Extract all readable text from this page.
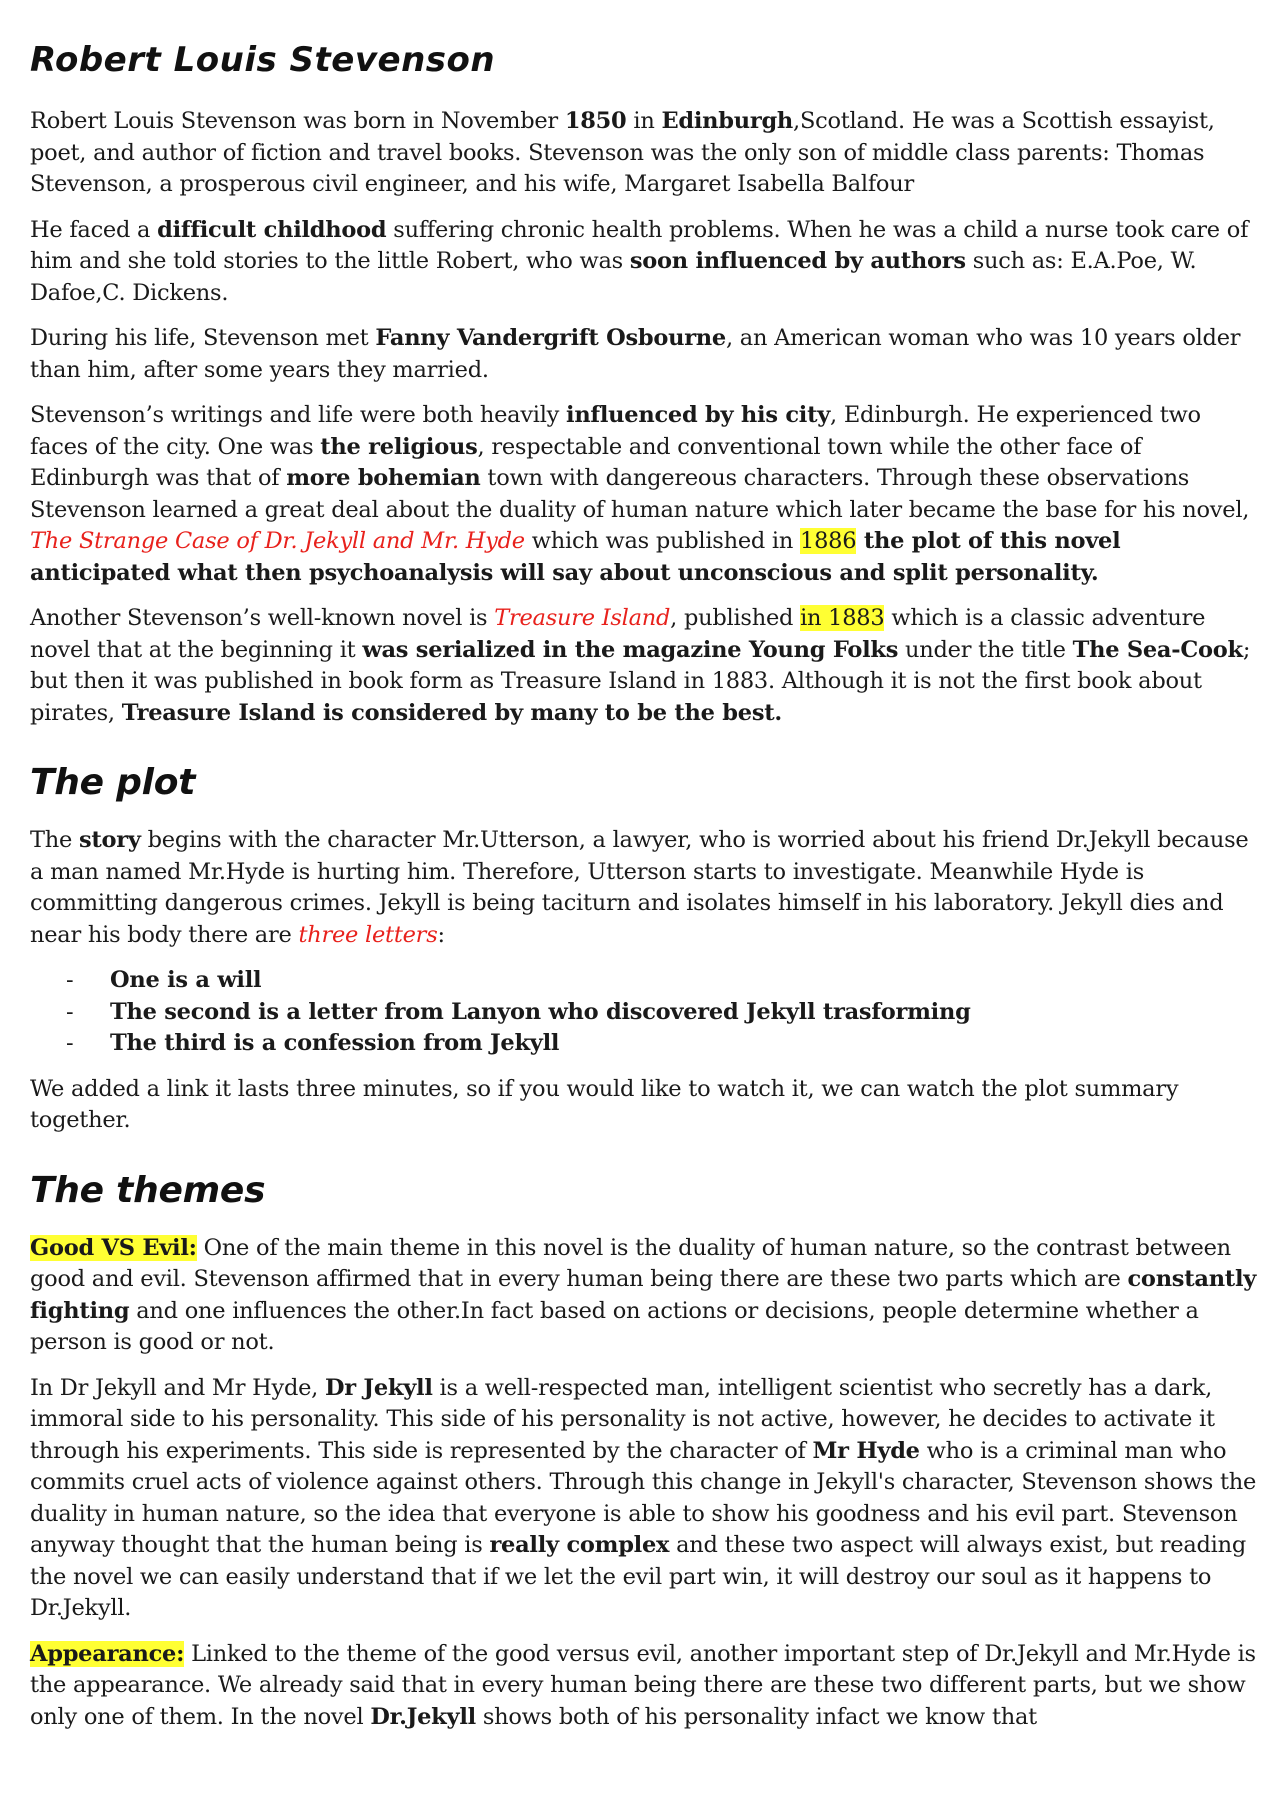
Robert Louis Stevenson

Robert Louis Stevenson was born in November 1850 in Edinburgh,Scotland. He was a Scottish essayist, poet, and author of fiction and travel books. Stevenson was the only son of middle class parents: Thomas Stevenson, a prosperous civil engineer, and his wife, Margaret Isabella Balfour

He faced a difficult childhood suffering chronic health problems. When he was a child a nurse took care of him and she told stories to the little Robert, who was soon influenced by authors such as: E.A.Poe, W. Dafoe,C. Dickens.

During his life, Stevenson met Fanny Vandergrift Osbourne, an American woman who was 10 years older than him, after some years they married.

Stevenson’s writings and life were both heavily influenced by his city, Edinburgh. He experienced two faces of the city. One was the religious, respectable and conventional town while the other face of Edinburgh was that of more bohemian town with dangereous characters. Through these observations Stevenson learned a great deal about the duality of human nature which later became the base for his novel, The Strange Case of Dr. Jekyll and Mr. Hyde which was published in 1886 the plot of this novel anticipated what then psychoanalysis will say about unconscious and split personality.

Another Stevenson’s well-known novel is Treasure Island, published in 1883 which is a classic adventure novel that at the beginning it was serialized in the magazine Young Folks under the title The Sea-Cook; but then it was published in book form as Treasure Island in 1883. Although it is not the first book about pirates, Treasure Island is considered by many to be the best.

The plot

The story begins with the character Mr.Utterson, a lawyer, who is worried about his friend Dr.Jekyll because a man named Mr.Hyde is hurting him. Therefore, Utterson starts to investigate. Meanwhile Hyde is committing dangerous crimes. Jekyll is being taciturn and isolates himself in his laboratory. Jekyll dies and near his body there are three letters:

- One is a will
- The second is a letter from Lanyon who discovered Jekyll trasforming
- The third is a confession from Jekyll

We added a link it lasts three minutes, so if you would like to watch it, we can watch the plot summary together.

The themes

Good VS Evil: One of the main theme in this novel is the duality of human nature, so the contrast between good and evil. Stevenson affirmed that in every human being there are these two parts which are constantly fighting and one influences the other.In fact based on actions or decisions, people determine whether a person is good or not.

In Dr Jekyll and Mr Hyde, Dr Jekyll is a well-respected man, intelligent scientist who secretly has a dark, immoral side to his personality. This side of his personality is not active, however, he decides to activate it through his experiments. This side is represented by the character of Mr Hyde who is a criminal man who commits cruel acts of violence against others. Through this change in Jekyll's character, Stevenson shows the duality in human nature, so the idea that everyone is able to show his goodness and his evil part. Stevenson anyway thought that the human being is really complex and these two aspect will always exist, but reading the novel we can easily understand that if we let the evil part win, it will destroy our soul as it happens to Dr.Jekyll.

Appearance: Linked to the theme of the good versus evil, another important step of Dr.Jekyll and Mr.Hyde is the appearance. We already said that in every human being there are these two different parts, but we show only one of them. In the novel Dr.Jekyll shows both of his personality infact we know that
